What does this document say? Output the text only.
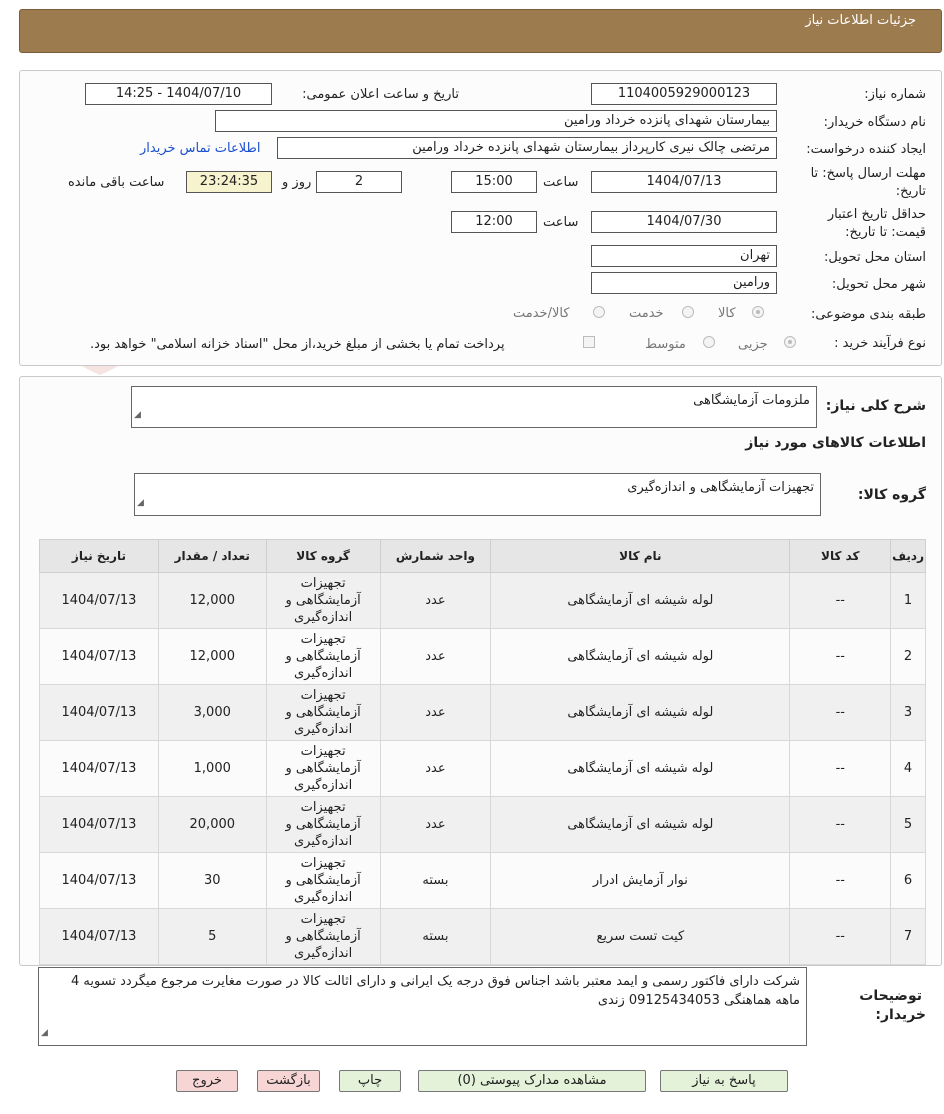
جزئیات اطلاعات نیاز
شماره نیاز:
1104005929000123
تاریخ و ساعت اعلان عمومی:
1404/07/10 - 14:25
نام دستگاه خریدار:
بیمارستان شهدای پانزده خرداد ورامین
ایجاد کننده درخواست:
مرتضی چالک نیری کارپرداز بیمارستان شهدای پانزده خرداد ورامین
اطلاعات تماس خریدار
مهلت ارسال پاسخ: تا
تاریخ:
1404/07/13
ساعت
15:00
2
روز و
23:24:35
ساعت باقی مانده
حداقل تاریخ اعتبار
قیمت: تا تاریخ:
1404/07/30
ساعت
12:00
استان محل تحویل:
تهران
شهر محل تحویل:
ورامین
طبقه بندی موضوعی:
کالا
خدمت
کالا/خدمت
نوع فرآیند خرید :
جزیی
متوسط
پرداخت تمام یا بخشی از مبلغ خرید،از محل "اسناد خزانه اسلامی" خواهد بود.
شرح کلی نیاز:
ملزومات آزمایشگاهی
◢
اطلاعات کالاهای مورد نیاز
گروه کالا:
تجهیزات آزمایشگاهی و اندازه‌گیری
◢
ردیف	کد کالا	نام کالا	واحد شمارش	گروه کالا	تعداد / مقدار	تاریخ نیاز
1	--	لوله شیشه ای آزمایشگاهی	عدد	تجهیزات آزمایشگاهی و اندازه‌گیری	12,000	1404/07/13
2	--	لوله شیشه ای آزمایشگاهی	عدد	تجهیزات آزمایشگاهی و اندازه‌گیری	12,000	1404/07/13
3	--	لوله شیشه ای آزمایشگاهی	عدد	تجهیزات آزمایشگاهی و اندازه‌گیری	3,000	1404/07/13
4	--	لوله شیشه ای آزمایشگاهی	عدد	تجهیزات آزمایشگاهی و اندازه‌گیری	1,000	1404/07/13
5	--	لوله شیشه ای آزمایشگاهی	عدد	تجهیزات آزمایشگاهی و اندازه‌گیری	20,000	1404/07/13
6	--	نوار آزمایش ادرار	بسته	تجهیزات آزمایشگاهی و اندازه‌گیری	30	1404/07/13
7	--	کیت تست سریع	بسته	تجهیزات آزمایشگاهی و اندازه‌گیری	5	1404/07/13
توضیحات
خریدار:
شرکت دارای فاکتور رسمی و ایمد معتبر باشد اجناس فوق درجه یک ایرانی و دارای اثالت کالا در صورت مغایرت مرجوع میگردد تسویه 4 ماهه هماهنگی 09125434053 زندی
◢
پاسخ به نیاز
مشاهده مدارک پیوستی (0)
چاپ
بازگشت
خروج
